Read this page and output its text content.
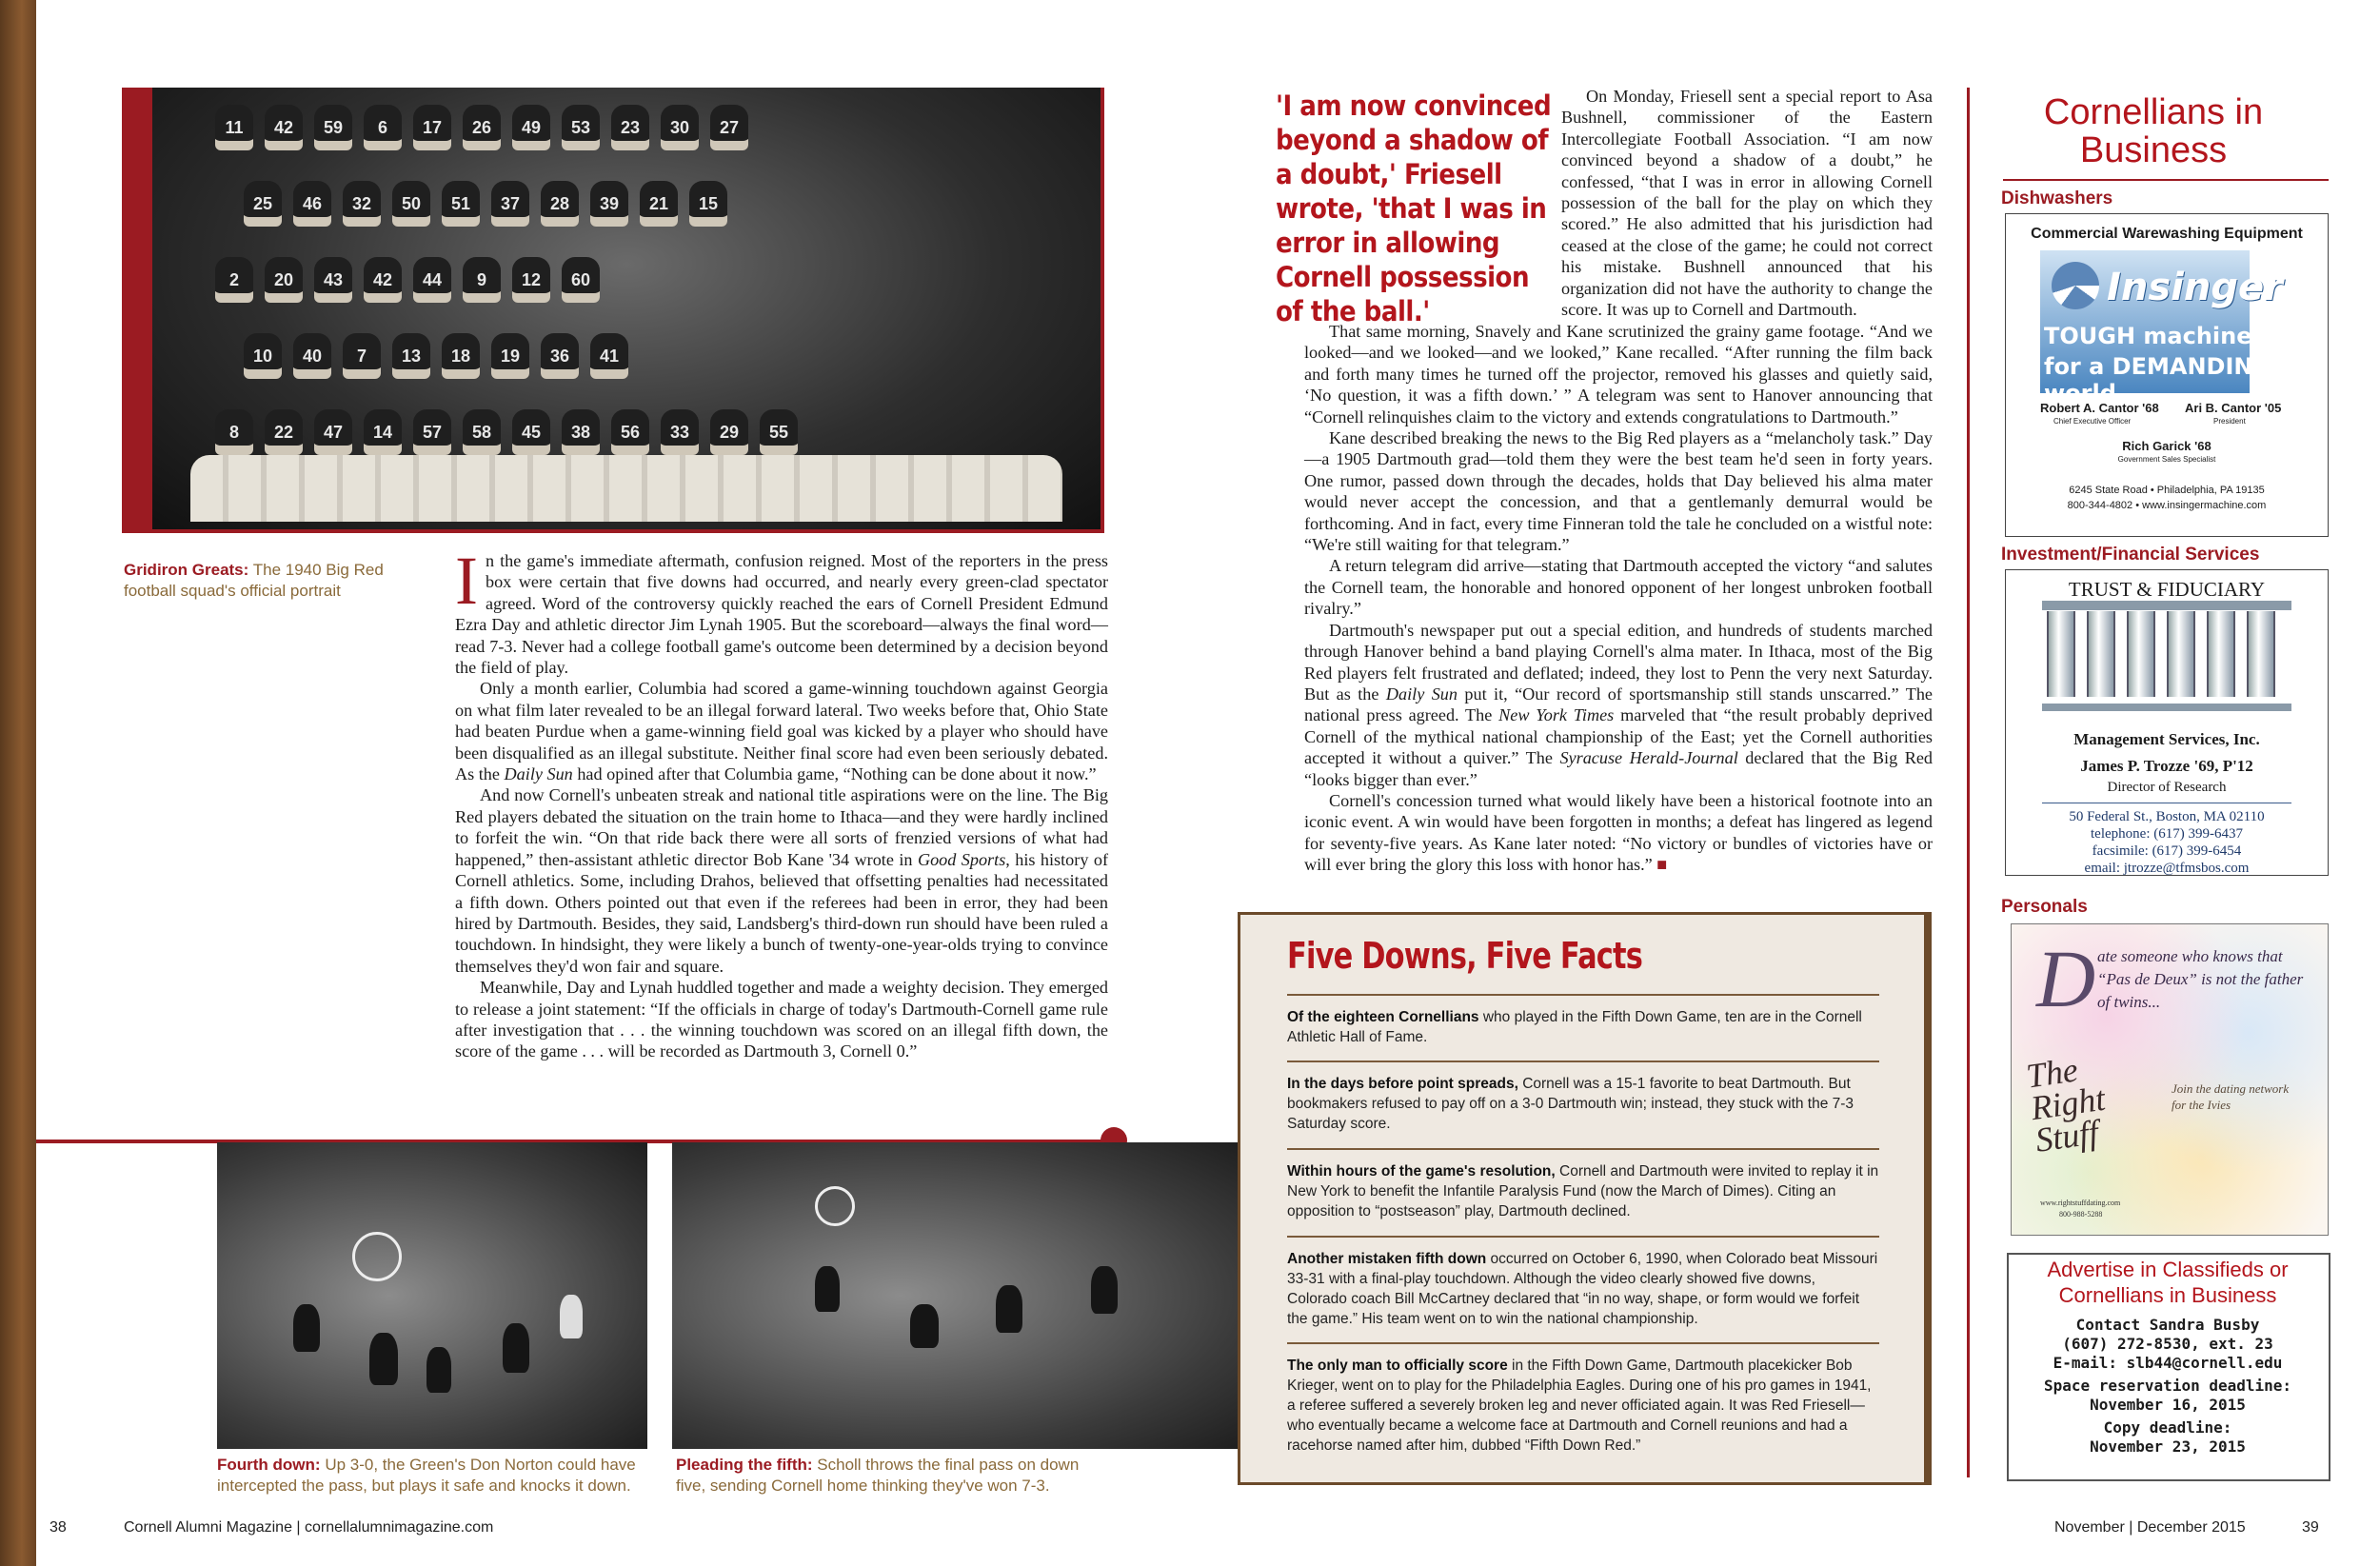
11 42 59 6 17 26 49 53 23 30 27
25 46 32 50 51 37 28 39 21 15
2 20 43 42 44 9 12 60
10 40 7 13 18 19 36 41
8 22 47 14 57 58 45 38 56 33 29 55
Gridiron Greats: The 1940 Big Red football squad's official portrait	In the game's immediate aftermath, confusion reigned. Most of the reporters in the press box were certain that five downs had occurred, and nearly every green-clad spectator agreed. Word of the controversy quickly reached the ears of Cornell President Edmund Ezra Day and athletic director Jim Lynah 1905. But the scoreboard—always the final word—read 7-3. Never had a college football game's outcome been determined by a decision beyond the field of play.

Only a month earlier, Columbia had scored a game-winning touchdown against Georgia on what film later revealed to be an illegal forward lateral. Two weeks before that, Ohio State had beaten Purdue when a game-winning field goal was kicked by a player who should have been disqualified as an illegal substitute. Neither final score had even been seriously debated. As the Daily Sun had opined after that Columbia game, “Nothing can be done about it now.”

And now Cornell's unbeaten streak and national title aspirations were on the line. The Big Red players debated the situation on the train home to Ithaca—and they were hardly inclined to forfeit the win. “On that ride back there were all sorts of frenzied versions of what had happened,” then-assistant athletic director Bob Kane '34 wrote in Good Sports, his history of Cornell athletics. Some, including Drahos, believed that offsetting penalties had necessitated a fifth down. Others pointed out that even if the referees had been in error, they had been hired by Dartmouth. Besides, they said, Landsberg's third-down run should have been ruled a touchdown. In hindsight, they were likely a bunch of twenty-one-year-olds trying to convince themselves they'd won fair and square.

Meanwhile, Day and Lynah huddled together and made a weighty decision. They emerged to release a joint statement: “If the officials in charge of today's Dartmouth-Cornell game rule after investigation that . . . the winning touchdown was scored on an illegal fifth down, the score of the game . . . will be recorded as Dartmouth 3, Cornell 0.”

Fourth down: Up 3-0, the Green's Don Norton could have intercepted the pass, but plays it safe and knocks it down.
Pleading the fifth: Scholl throws the final pass on down five, sending Cornell home thinking they've won 7-3.
38	Cornell Alumni Magazine | cornellalumnimagazine.com
'I am now convinced beyond a shadow of a doubt,' Friesell wrote, 'that I was in error in allowing Cornell possession of the ball.'

On Monday, Friesell sent a special report to Asa Bushnell, commissioner of the Eastern Intercollegiate Football Association. “I am now convinced beyond a shadow of a doubt,” he confessed, “that I was in error in allowing Cornell possession of the ball for the play on which they scored.” He also admitted that his jurisdiction had ceased at the close of the game; he could not correct his mistake. Bushnell announced that his organization did not have the authority to change the score. It was up to Cornell and Dartmouth.

That same morning, Snavely and Kane scrutinized the grainy game footage. “And we looked—and we looked—and we looked,” Kane recalled. “After running the film back and forth many times he turned off the projector, removed his glasses and quietly said, ‘No question, it was a fifth down.’ ” A telegram was sent to Hanover announcing that “Cornell relinquishes claim to the victory and extends congratulations to Dartmouth.”

Kane described breaking the news to the Big Red players as a “melancholy task.” Day—a 1905 Dartmouth grad—told them they were the best team he'd seen in forty years. One rumor, passed down through the decades, holds that Day believed his alma mater would never accept the concession, and that a gentlemanly demurral would be forthcoming. And in fact, every time Finneran told the tale he concluded on a wistful note: “We're still waiting for that telegram.”

A return telegram did arrive—stating that Dartmouth accepted the victory “and salutes the Cornell team, the honorable and honored opponent of her longest unbroken football rivalry.”

Dartmouth's newspaper put out a special edition, and hundreds of students marched through Hanover behind a band playing Cornell's alma mater. In Ithaca, most of the Big Red players felt frustrated and deflated; indeed, they lost to Penn the very next Saturday. But as the Daily Sun put it, “Our record of sportsmanship still stands unscarred.” The national press agreed. The New York Times marveled that “the result probably deprived Cornell of the mythical national championship of the East; yet the Cornell authorities accepted it without a quiver.” The Syracuse Herald-Journal declared that the Big Red “looks bigger than ever.”

Cornell's concession turned what would likely have been a historical footnote into an iconic event. A win would have been forgotten in months; a defeat has lingered as legend for seventy-five years. As Kane later noted: “No victory or bundles of victories have or will ever bring the glory this loss with honor has.” ■

Five Downs, Five Facts
Of the eighteen Cornellians who played in the Fifth Down Game, ten are in the Cornell Athletic Hall of Fame.
In the days before point spreads, Cornell was a 15-1 favorite to beat Dartmouth. But bookmakers refused to pay off on a 3-0 Dartmouth win; instead, they stuck with the 7-3 Saturday score.
Within hours of the game's resolution, Cornell and Dartmouth were invited to replay it in New York to benefit the Infantile Paralysis Fund (now the March of Dimes). Citing an opposition to “postseason” play, Dartmouth declined.
Another mistaken fifth down occurred on October 6, 1990, when Colorado beat Missouri 33-31 with a final-play touchdown. Although the video clearly showed five downs, Colorado coach Bill McCartney declared that “in no way, shape, or form would we forfeit the game.” His team went on to win the national championship.
The only man to officially score in the Fifth Down Game, Dartmouth placekicker Bob Krieger, went on to play for the Philadelphia Eagles. During one of his pro games in 1941, a referee suffered a severely broken leg and never officiated again. It was Red Friesell—who eventually became a welcome face at Dartmouth and Cornell reunions and had a racehorse named after him, dubbed “Fifth Down Red.”
Cornellians in Business
Dishwashers
Commercial Warewashing Equipment
Insinger
TOUGH machines
for a DEMANDING world
Robert A. Cantor '68
Chief Executive Officer
Ari B. Cantor '05
President
Rich Garick '68
Government Sales Specialist
6245 State Road • Philadelphia, PA 19135
800-344-4802 • www.insingermachine.com
Investment/Financial Services
TRUST & FIDUCIARY
Management Services, Inc.
James P. Trozze '69, P'12
Director of Research
50 Federal St., Boston, MA 02110
telephone: (617) 399-6437
facsimile: (617) 399-6454
email: jtrozze@tfmsbos.com
Personals
D ate someone who knows that “Pas de Deux” is not the father of twins...
The Right Stuff
Join the dating network for the Ivies
www.rightstuffdating.com
800-988-5288
Advertise in Classifieds or Cornellians in Business
Contact Sandra Busby
(607) 272-8530, ext. 23
E-mail: slb44@cornell.edu
Space reservation deadline:
November 16, 2015
Copy deadline:
November 23, 2015
November | December 2015	39
